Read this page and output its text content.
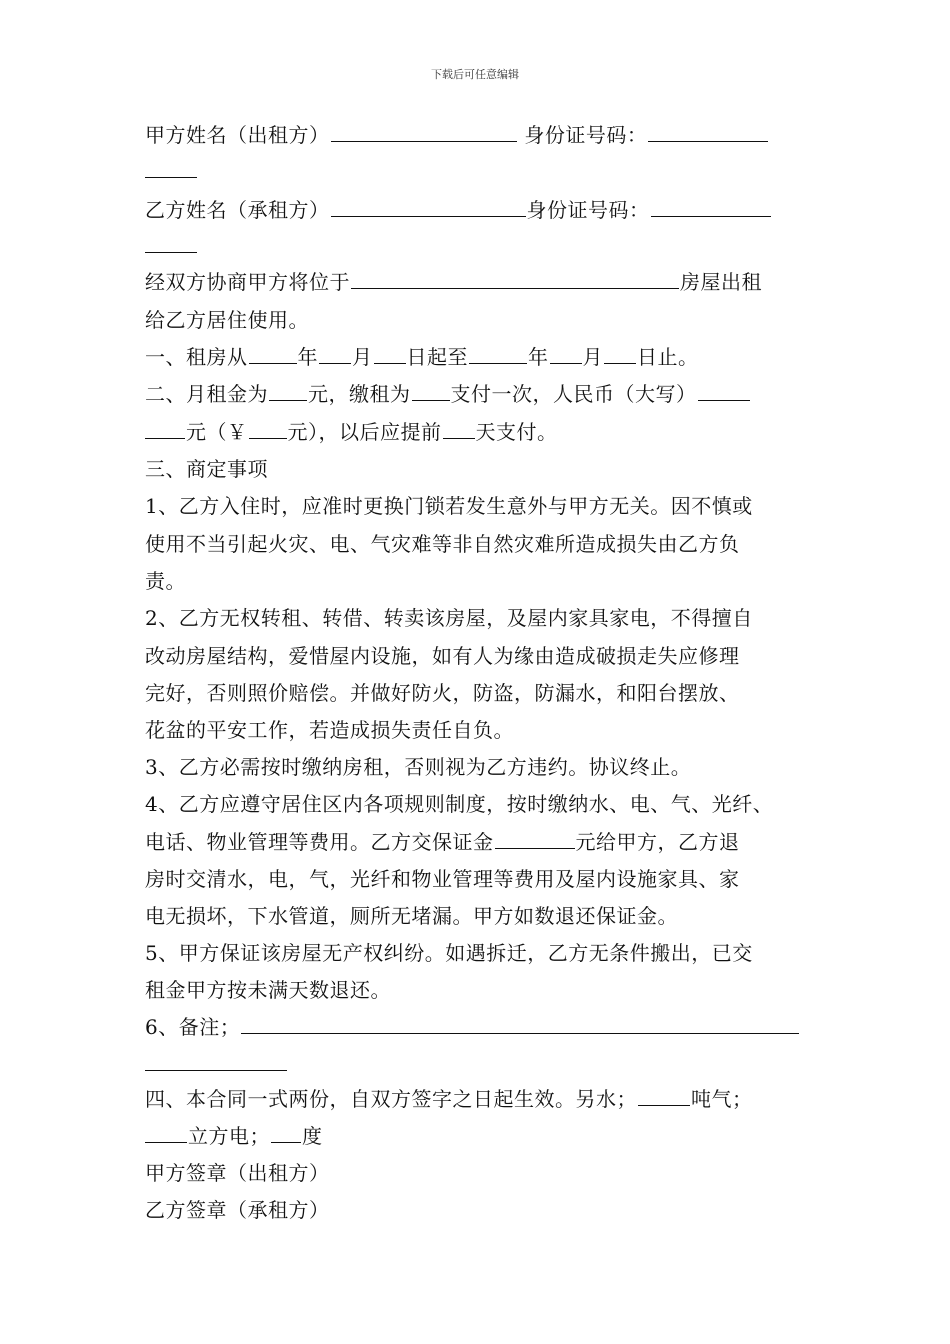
下载后可任意编辑
甲方姓名（出租方）	身份证号码：
乙方姓名（承租方）	身份证号码：
经双方协商甲方将位于	房屋出租
给乙方居住使用。
一、租房从	年 月 日起至	年 月 日止。
二、月租金为 元，缴租为 支付一次，人民币（大写）
元（￥ 元），以后应提前 天支付。
三、商定事项
1、乙方入住时，应准时更换门锁若发生意外与甲方无关。因不慎或
使用不当引起火灾、电、气灾难等非自然灾难所造成损失由乙方负
责。
2、乙方无权转租、转借、转卖该房屋，及屋内家具家电，不得擅自
改动房屋结构，爱惜屋内设施，如有人为缘由造成破损走失应修理
完好，否则照价赔偿。并做好防火，防盗，防漏水，和阳台摆放、
花盆的平安工作，若造成损失责任自负。
3、乙方必需按时缴纳房租，否则视为乙方违约。协议终止。
4、乙方应遵守居住区内各项规则制度，按时缴纳水、电、气、光纤、
电话、物业管理等费用。乙方交保证金	元给甲方，乙方退
房时交清水，电，气，光纤和物业管理等费用及屋内设施家具、家
电无损坏，下水管道，厕所无堵漏。甲方如数退还保证金。
5、甲方保证该房屋无产权纠纷。如遇拆迁，乙方无条件搬出，已交
租金甲方按未满天数退还。
6、备注；
四、本合同一式两份，自双方签字之日起生效。另水；	吨气；
立方电； 度
甲方签章（出租方）
乙方签章（承租方）
